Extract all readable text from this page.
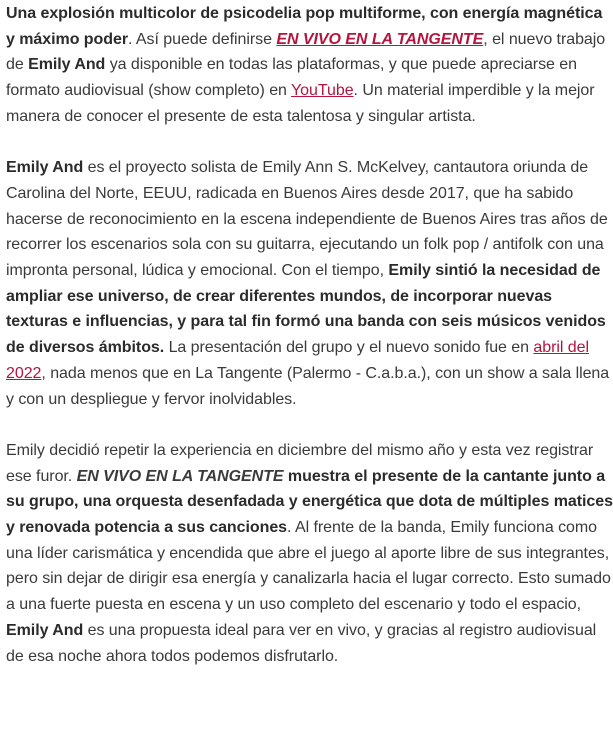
Una explosión multicolor de psicodelia pop multiforme, con energía magnética y máximo poder. Así puede definirse EN VIVO EN LA TANGENTE, el nuevo trabajo de Emily And ya disponible en todas las plataformas, y que puede apreciarse en formato audiovisual (show completo) en YouTube. Un material imperdible y la mejor manera de conocer el presente de esta talentosa y singular artista.

Emily And es el proyecto solista de Emily Ann S. McKelvey, cantautora oriunda de Carolina del Norte, EEUU, radicada en Buenos Aires desde 2017, que ha sabido hacerse de reconocimiento en la escena independiente de Buenos Aires tras años de recorrer los escenarios sola con su guitarra, ejecutando un folk pop / antifolk con una impronta personal, lúdica y emocional. Con el tiempo, Emily sintió la necesidad de ampliar ese universo, de crear diferentes mundos, de incorporar nuevas texturas e influencias, y para tal fin formó una banda con seis músicos venidos de diversos ámbitos. La presentación del grupo y el nuevo sonido fue en abril del 2022, nada menos que en La Tangente (Palermo - C.a.b.a.), con un show a sala llena y con un despliegue y fervor inolvidables.

Emily decidió repetir la experiencia en diciembre del mismo año y esta vez registrar ese furor. EN VIVO EN LA TANGENTE muestra el presente de la cantante junto a su grupo, una orquesta desenfadada y energética que dota de múltiples matices y renovada potencia a sus canciones. Al frente de la banda, Emily funciona como una líder carismática y encendida que abre el juego al aporte libre de sus integrantes, pero sin dejar de dirigir esa energía y canalizarla hacia el lugar correcto. Esto sumado a una fuerte puesta en escena y un uso completo del escenario y todo el espacio, Emily And es una propuesta ideal para ver en vivo, y gracias al registro audiovisual de esa noche ahora todos podemos disfrutarlo.
